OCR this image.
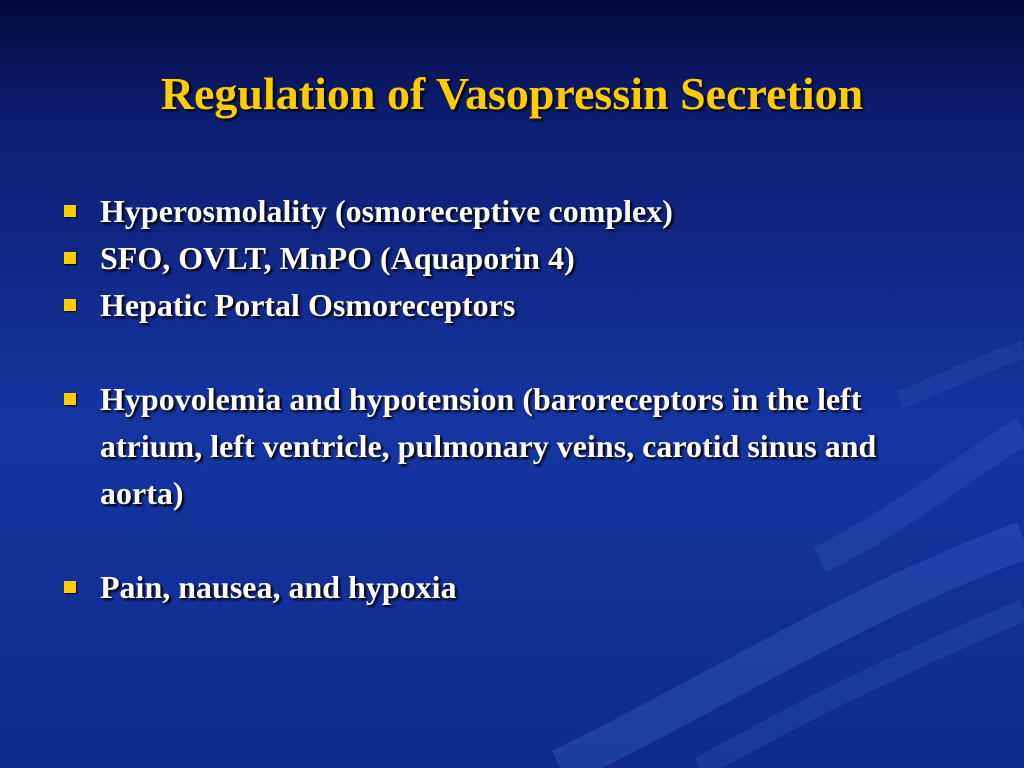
Regulation of Vasopressin Secretion
Hyperosmolality (osmoreceptive complex)
SFO, OVLT, MnPO (Aquaporin 4)
Hepatic Portal Osmoreceptors
Hypovolemia and hypotension (baroreceptors in the left atrium, left ventricle, pulmonary veins, carotid sinus and aorta)
Pain, nausea, and hypoxia
